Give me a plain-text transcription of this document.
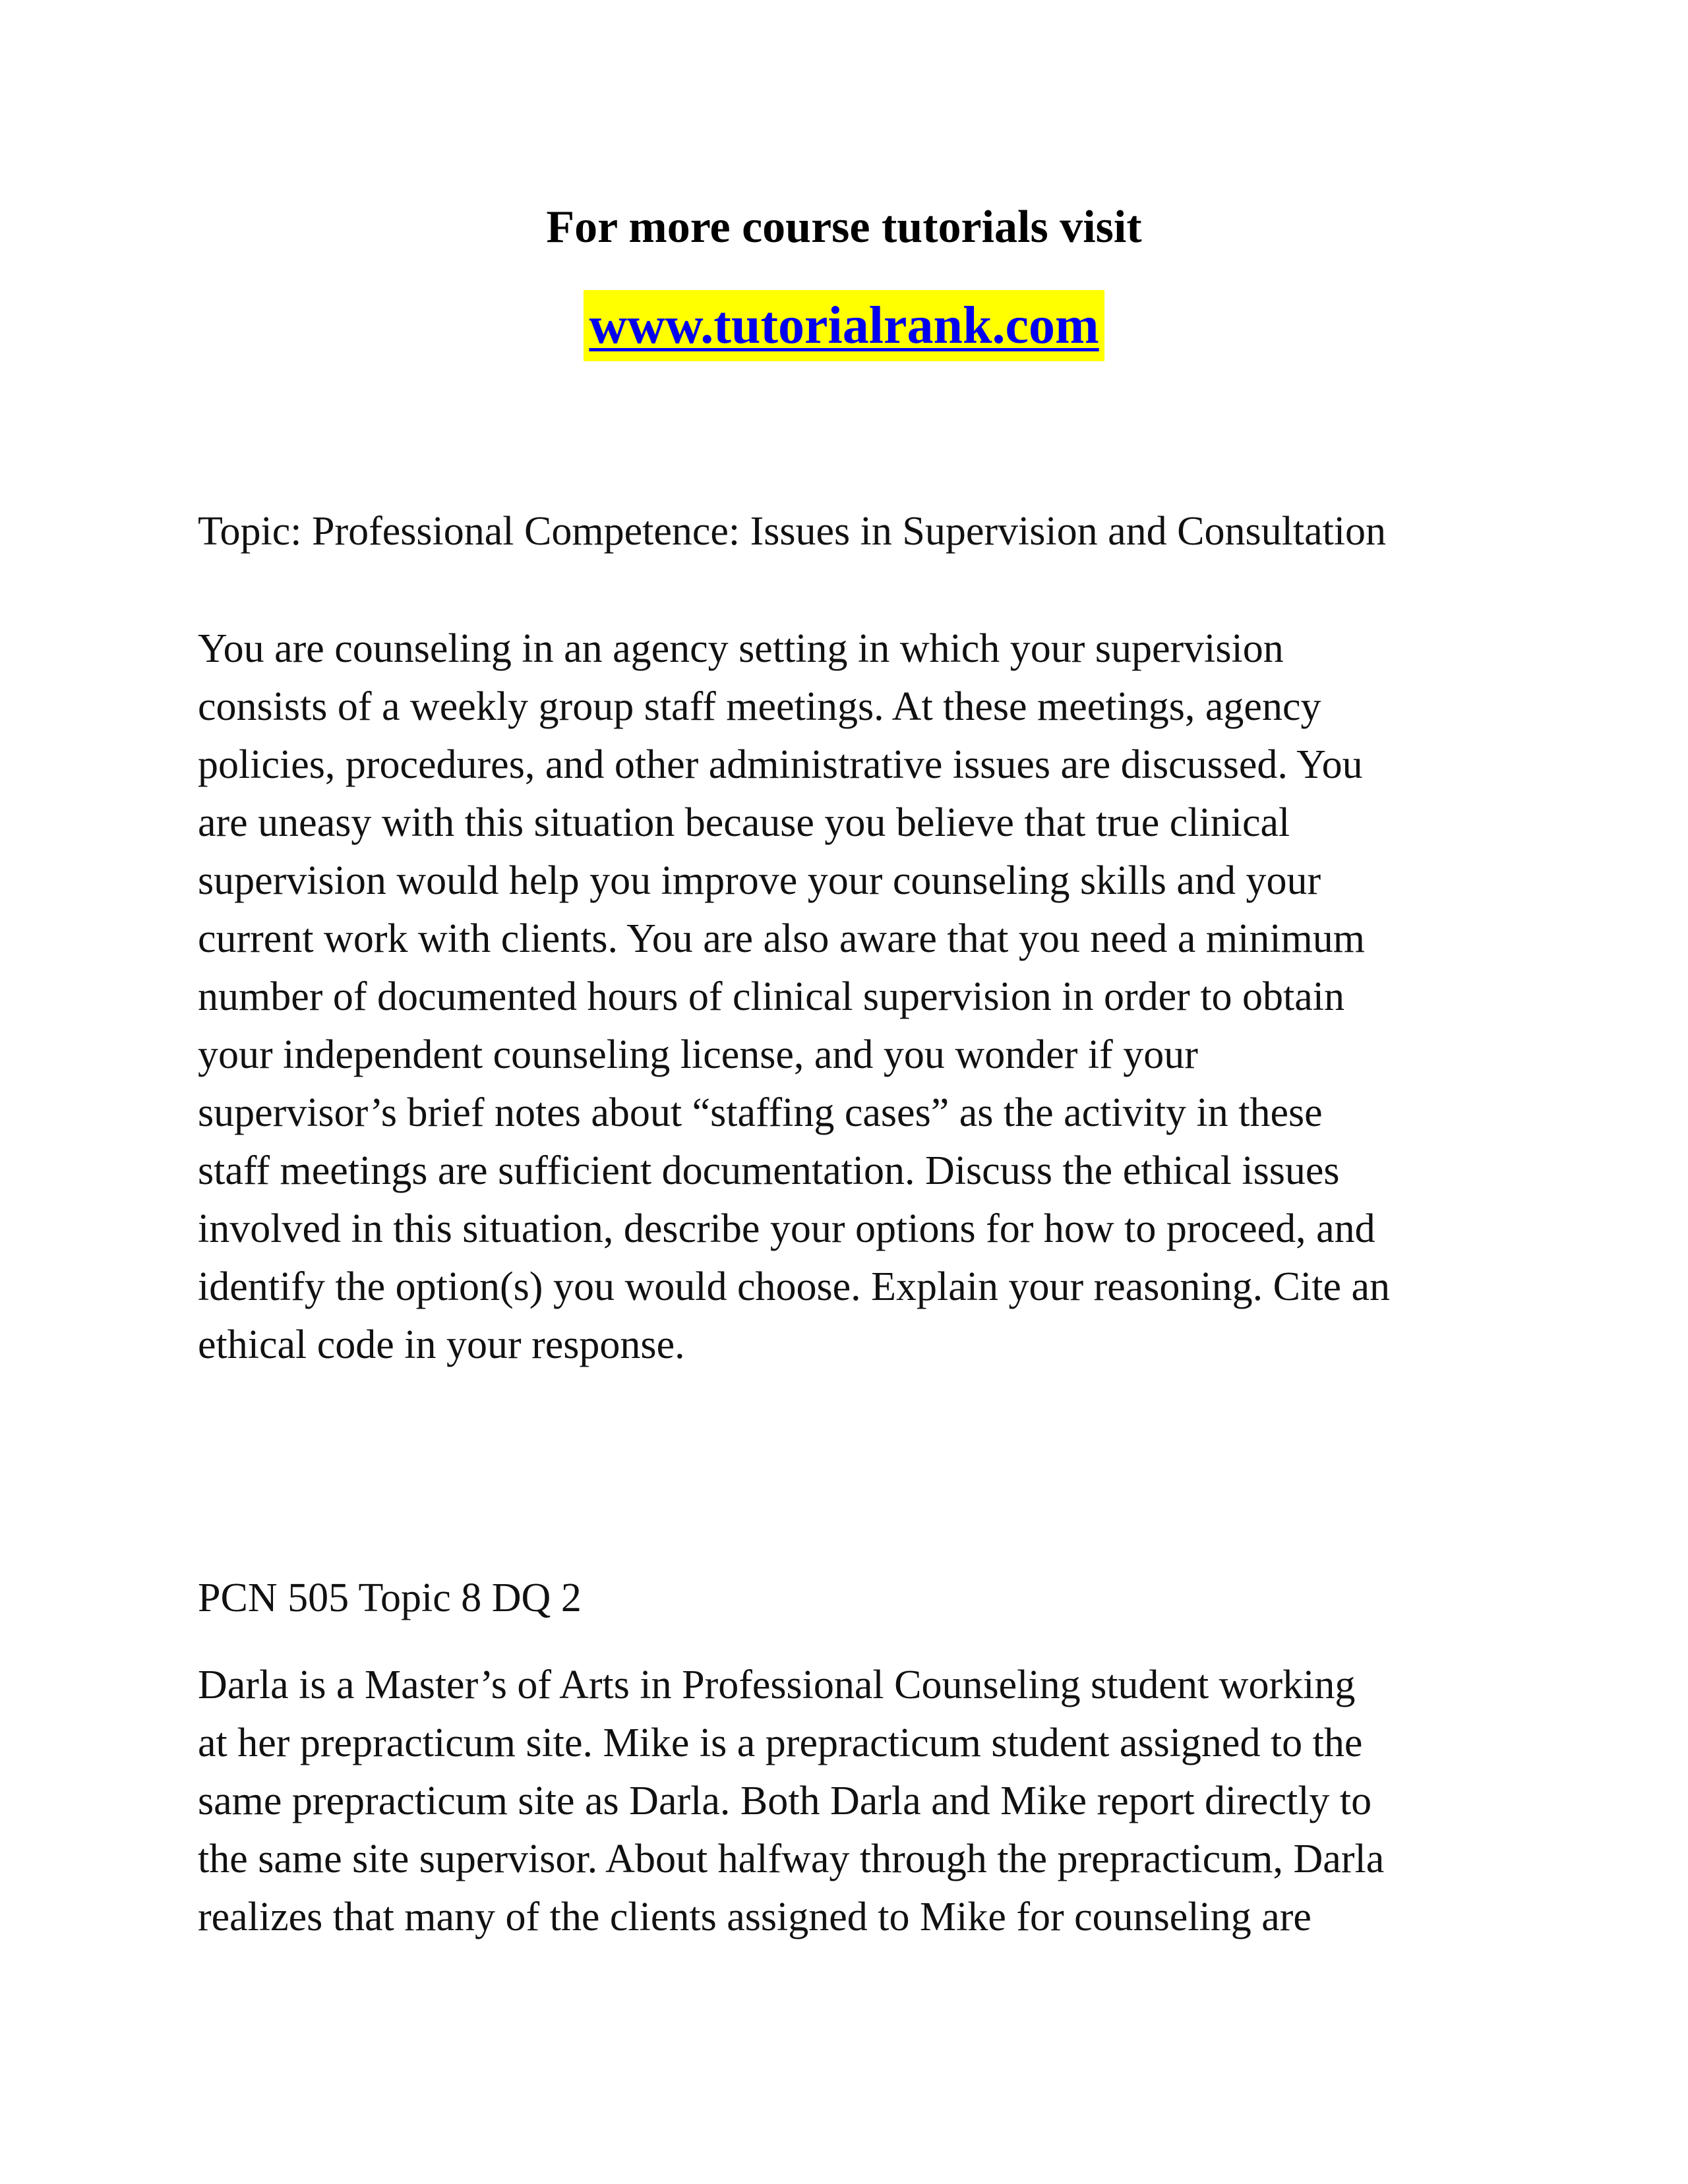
For more course tutorials visit
www.tutorialrank.com

Topic: Professional Competence: Issues in Supervision and Consultation

You are counseling in an agency setting in which your supervision
consists of a weekly group staff meetings. At these meetings, agency
policies, procedures, and other administrative issues are discussed. You
are uneasy with this situation because you believe that true clinical
supervision would help you improve your counseling skills and your
current work with clients. You are also aware that you need a minimum
number of documented hours of clinical supervision in order to obtain
your independent counseling license, and you wonder if your
supervisor’s brief notes about “staffing cases” as the activity in these
staff meetings are sufficient documentation. Discuss the ethical issues
involved in this situation, describe your options for how to proceed, and
identify the option(s) you would choose. Explain your reasoning. Cite an
ethical code in your response.

PCN 505 Topic 8 DQ 2

Darla is a Master’s of Arts in Professional Counseling student working
at her prepracticum site. Mike is a prepracticum student assigned to the
same prepracticum site as Darla. Both Darla and Mike report directly to
the same site supervisor. About halfway through the prepracticum, Darla
realizes that many of the clients assigned to Mike for counseling are
